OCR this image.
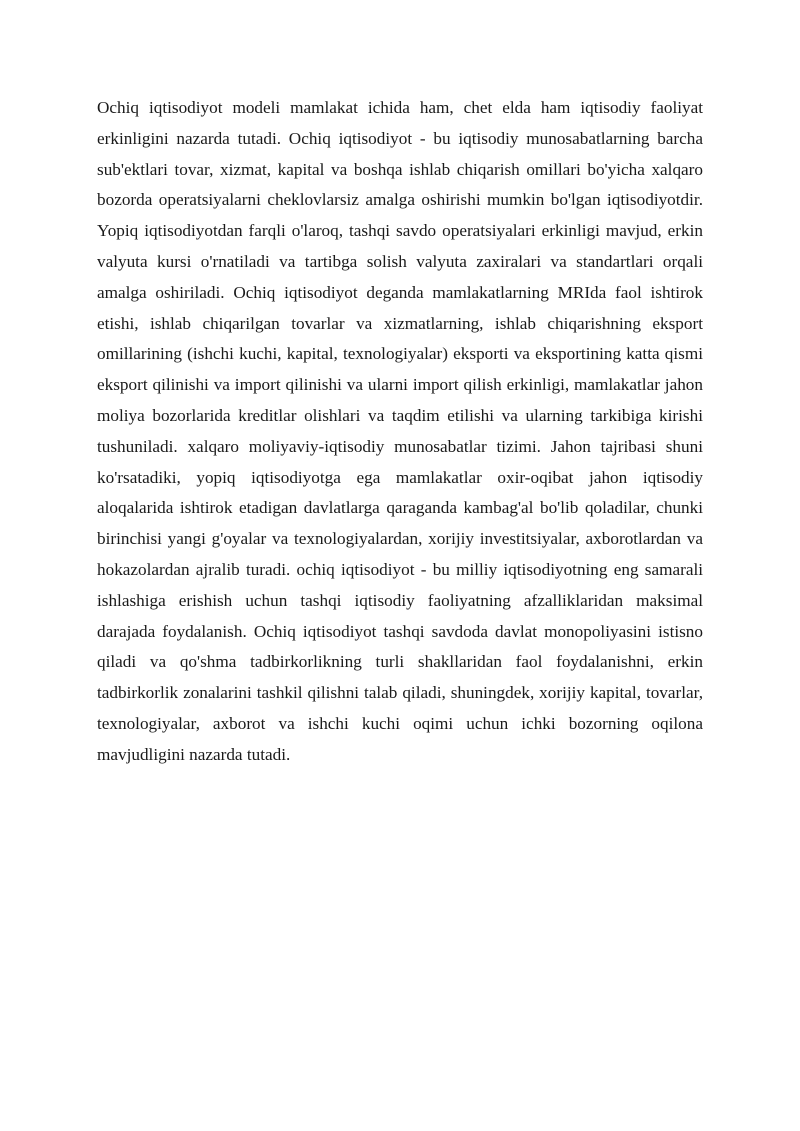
Ochiq iqtisodiyot modeli mamlakat ichida ham, chet elda ham iqtisodiy faoliyat erkinligini nazarda tutadi. Ochiq iqtisodiyot - bu iqtisodiy munosabatlarning barcha sub'ektlari tovar, xizmat, kapital va boshqa ishlab chiqarish omillari bo'yicha xalqaro bozorda operatsiyalarni cheklovlarsiz amalga oshirishi mumkin bo'lgan iqtisodiyotdir. Yopiq iqtisodiyotdan farqli o'laroq, tashqi savdo operatsiyalari erkinligi mavjud, erkin valyuta kursi o'rnatiladi va tartibga solish valyuta zaxiralari va standartlari orqali amalga oshiriladi. Ochiq iqtisodiyot deganda mamlakatlarning MRIda faol ishtirok etishi, ishlab chiqarilgan tovarlar va xizmatlarning, ishlab chiqarishning eksport omillarining (ishchi kuchi, kapital, texnologiyalar) eksporti va eksportining katta qismi eksport qilinishi va import qilinishi va ularni import qilish erkinligi, mamlakatlar jahon moliya bozorlarida kreditlar olishlari va taqdim etilishi va ularning tarkibiga kirishi tushuniladi. xalqaro moliyaviy-iqtisodiy munosabatlar tizimi. Jahon tajribasi shuni ko'rsatadiki, yopiq iqtisodiyotga ega mamlakatlar oxir-oqibat jahon iqtisodiy aloqalarida ishtirok etadigan davlatlarga qaraganda kambag'al bo'lib qoladilar, chunki birinchisi yangi g'oyalar va texnologiyalardan, xorijiy investitsiyalar, axborotlardan va hokazolardan ajralib turadi. ochiq iqtisodiyot - bu milliy iqtisodiyotning eng samarali ishlashiga erishish uchun tashqi iqtisodiy faoliyatning afzalliklaridan maksimal darajada foydalanish. Ochiq iqtisodiyot tashqi savdoda davlat monopoliyasini istisno qiladi va qo'shma tadbirkorlikning turli shakllaridan faol foydalanishni, erkin tadbirkorlik zonalarini tashkil qilishni talab qiladi, shuningdek, xorijiy kapital, tovarlar, texnologiyalar, axborot va ishchi kuchi oqimi uchun ichki bozorning oqilona mavjudligini nazarda tutadi.
